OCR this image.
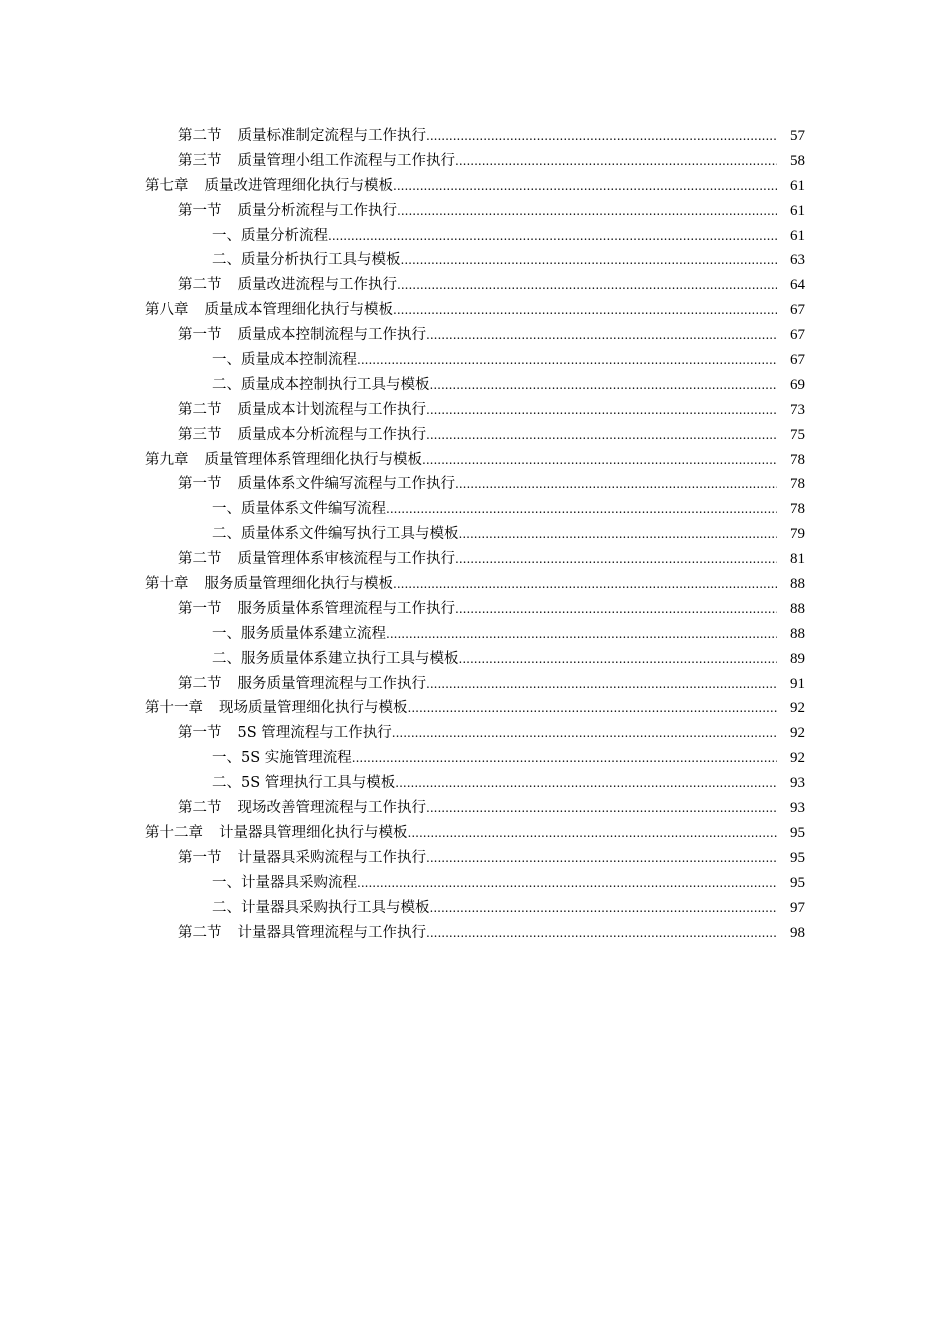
第二节 质量标准制定流程与工作执行 .....	57
第三节 质量管理小组工作流程与工作执行 .....	58
第七章 质量改进管理细化执行与模板 .....	61
第一节 质量分析流程与工作执行 .....	61
一、质量分析流程 .....	61
二、质量分析执行工具与模板 .....	63
第二节 质量改进流程与工作执行 .....	64
第八章 质量成本管理细化执行与模板 .....	67
第一节 质量成本控制流程与工作执行 .....	67
一、质量成本控制流程 .....	67
二、质量成本控制执行工具与模板 .....	69
第二节 质量成本计划流程与工作执行 .....	73
第三节 质量成本分析流程与工作执行 .....	75
第九章 质量管理体系管理细化执行与模板 .....	78
第一节 质量体系文件编写流程与工作执行 .....	78
一、质量体系文件编写流程 .....	78
二、质量体系文件编写执行工具与模板 .....	79
第二节 质量管理体系审核流程与工作执行 .....	81
第十章 服务质量管理细化执行与模板 .....	88
第一节 服务质量体系管理流程与工作执行 .....	88
一、服务质量体系建立流程 .....	88
二、服务质量体系建立执行工具与模板 .....	89
第二节 服务质量管理流程与工作执行 .....	91
第十一章 现场质量管理细化执行与模板 .....	92
第一节 5S 管理流程与工作执行 .....	92
一、5S 实施管理流程 .....	92
二、5S 管理执行工具与模板 .....	93
第二节 现场改善管理流程与工作执行 .....	93
第十二章 计量器具管理细化执行与模板 .....	95
第一节 计量器具采购流程与工作执行 .....	95
一、计量器具采购流程 .....	95
二、计量器具采购执行工具与模板 .....	97
第二节 计量器具管理流程与工作执行 .....	98
